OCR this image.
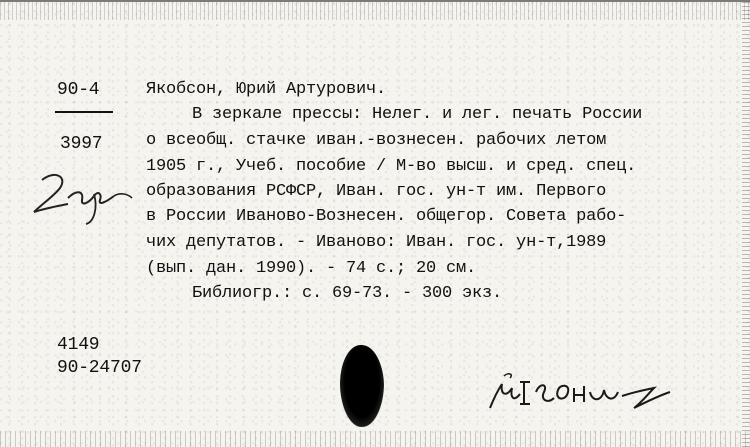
90-4
3997
Якобсон, Юрий Артурович.
В зеркале прессы: Нелег. и лег. печать России
о всеобщ. стачке иван.-вознесен. рабочих летом
1905 г., Учеб. пособие / М-во высш. и сред. спец.
образования РСФСР, Иван. гос. ун-т им. Первого
в России Иваново-Вознесен. общегор. Совета рабо-
чих депутатов. - Иваново: Иван. гос. ун-т,1989
(вып. дан. 1990). - 74 с.; 20 см.
Библиогр.: с. 69-73. - 300 экз.
4149
90-24707
